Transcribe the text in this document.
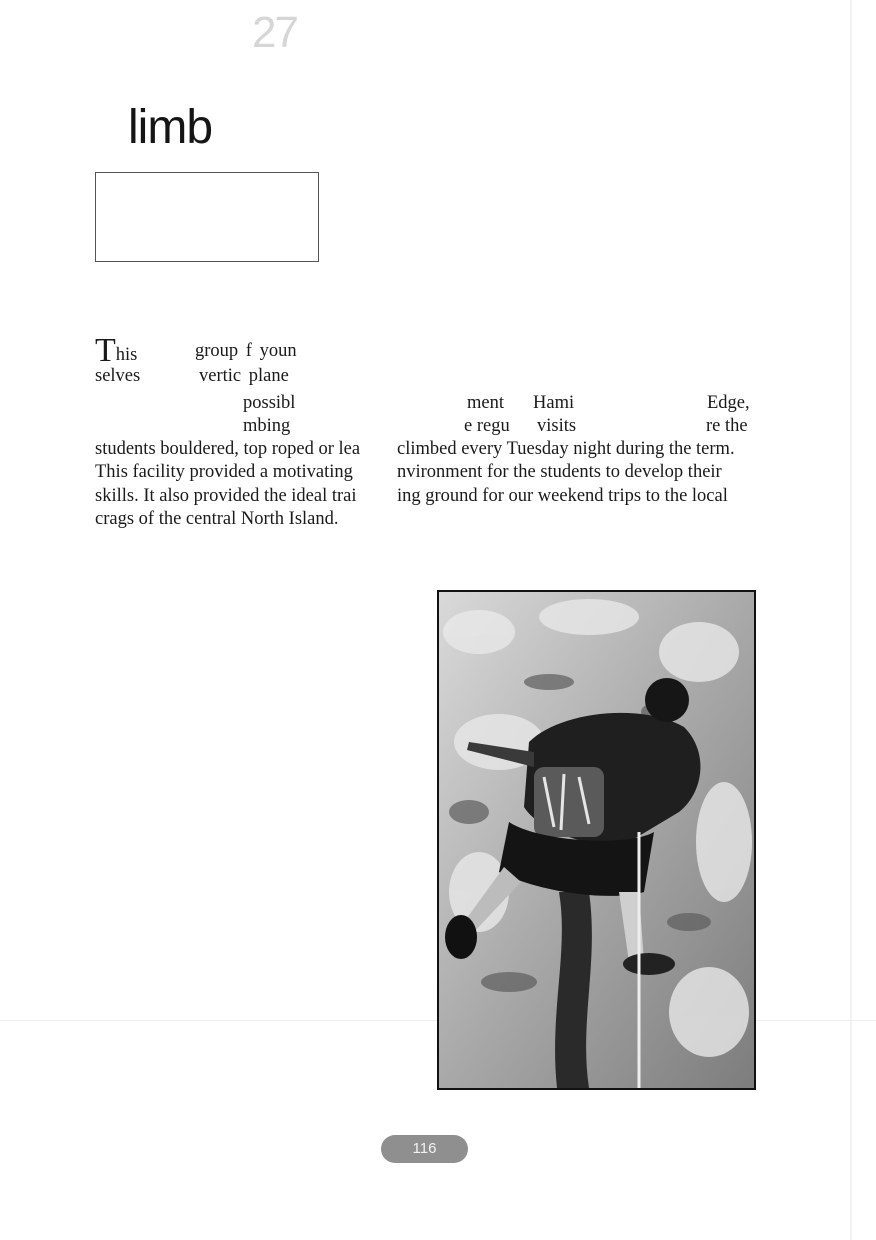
27
limb
This	group f youn
selves	vertic plane
possibl	ment Hami	Edge,
mbing	e regu visits	re the
students bouldered, top roped or lea
This facility provided a motivating
skills. It also provided the ideal trai
crags of the central North Island.
climbed every Tuesday night during the term.
nvironment for the students to develop their
ing ground for our weekend trips to the local
116
